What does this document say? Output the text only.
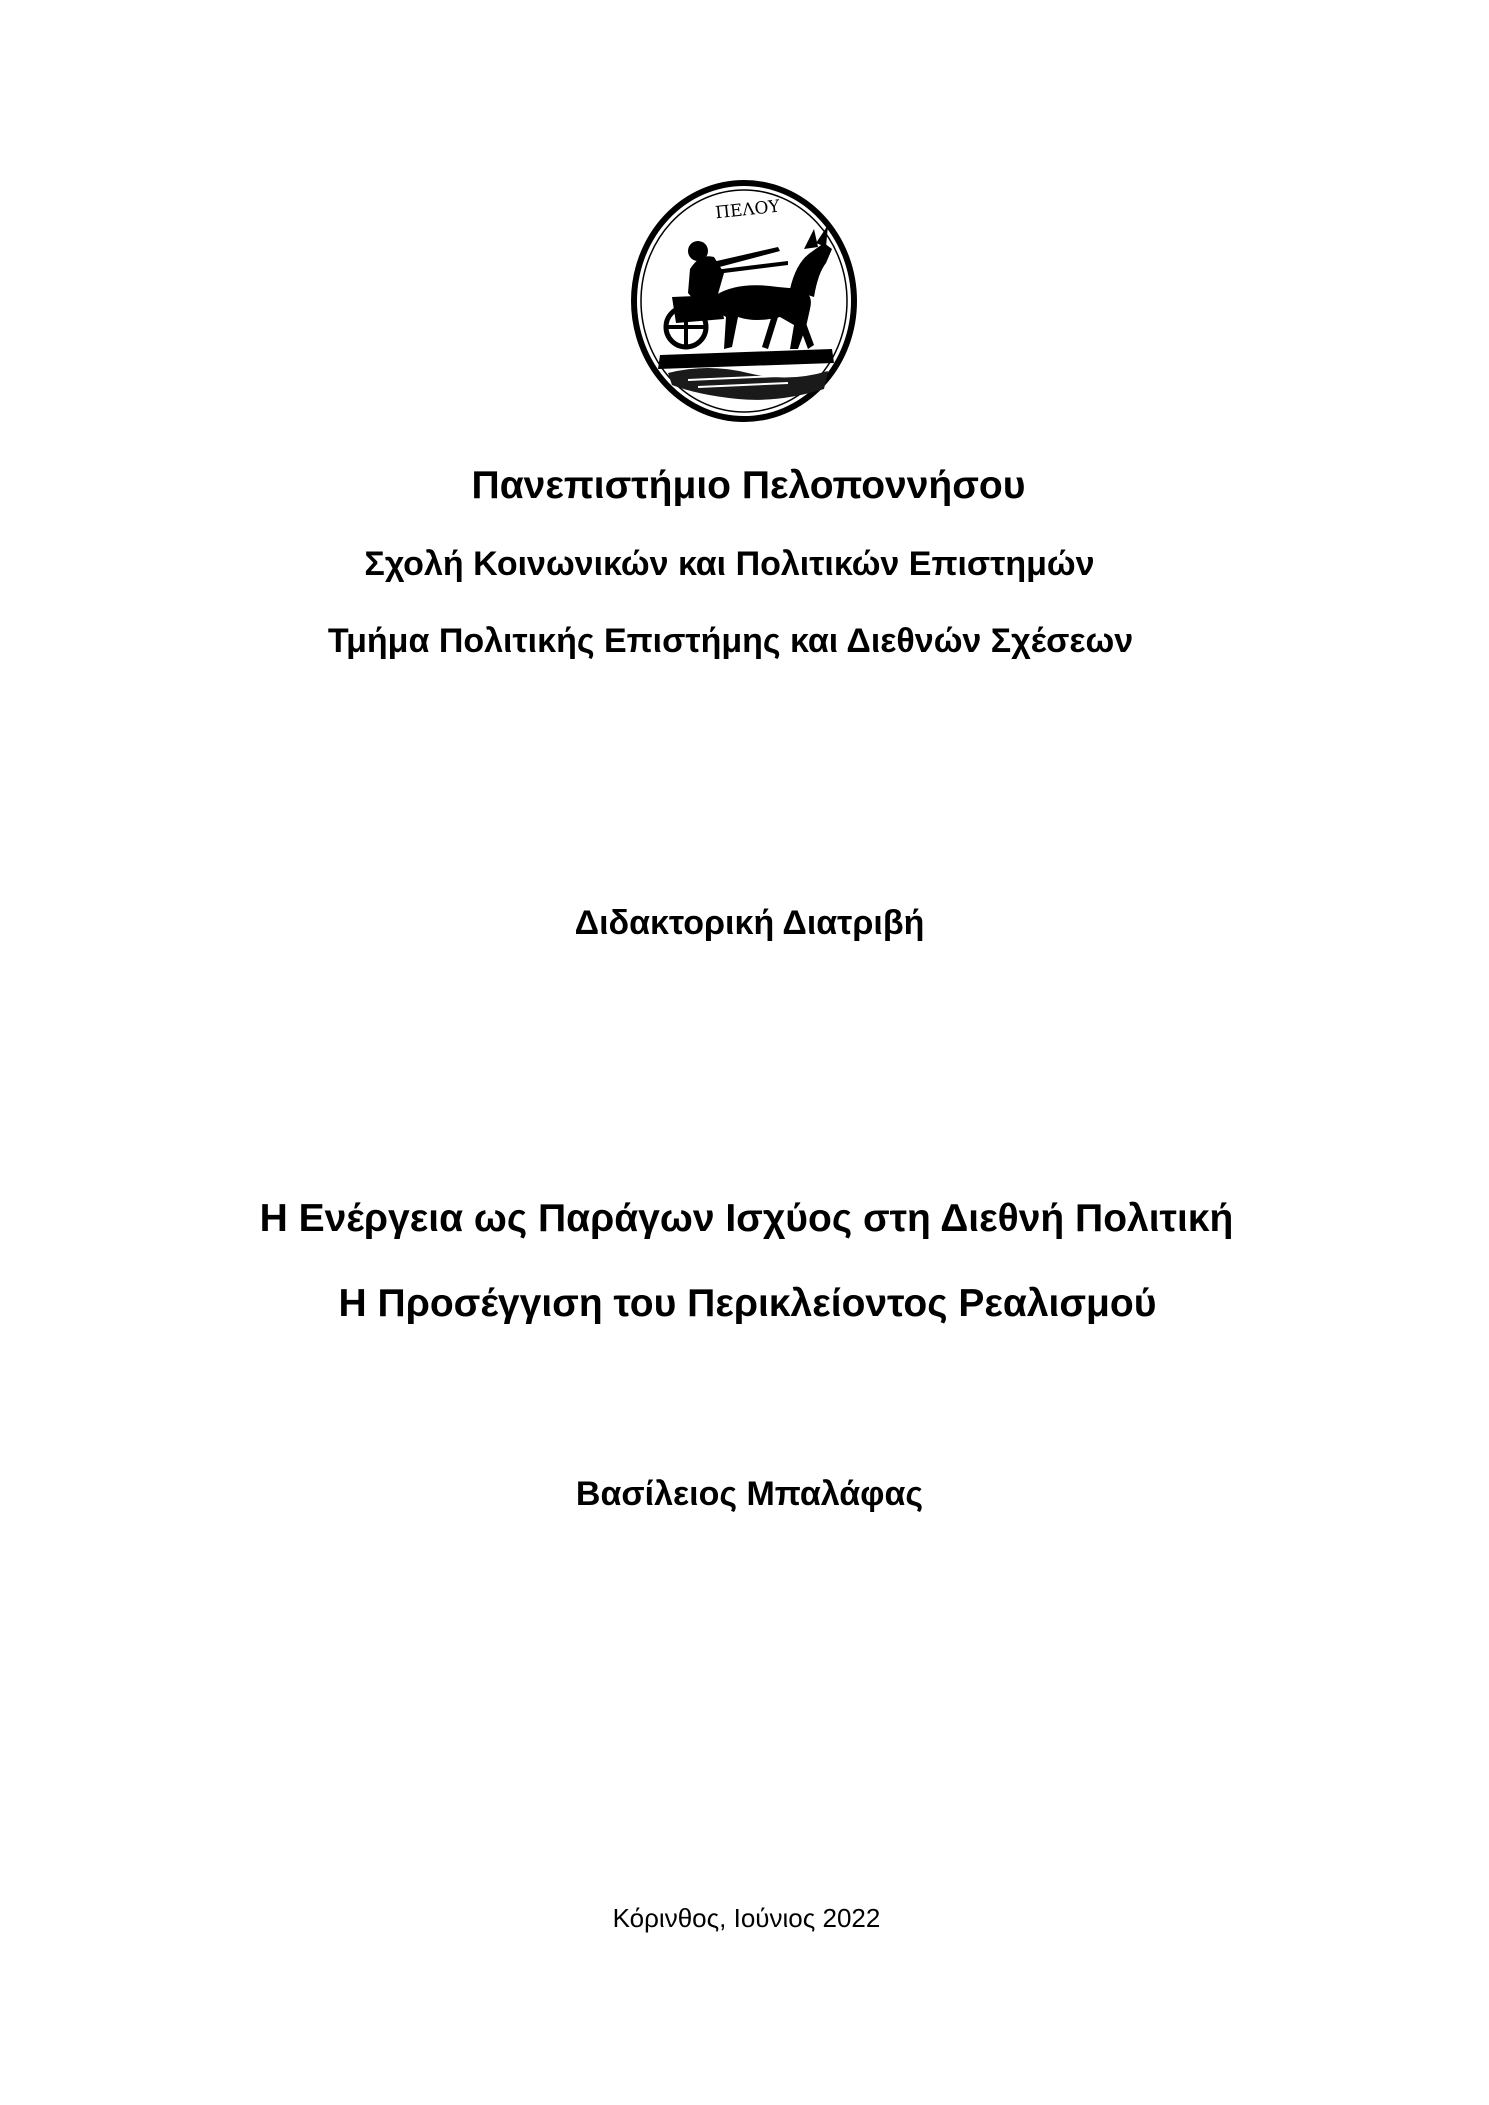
ΠΕΛΟΥ
Πανεπιστήμιο Πελοποννήσου
Σχολή Κοινωνικών και Πολιτικών Επιστημών
Τμήμα Πολιτικής Επιστήμης και Διεθνών Σχέσεων
Διδακτορική Διατριβή
Η Ενέργεια ως Παράγων Ισχύος στη Διεθνή Πολιτική
Η Προσέγγιση του Περικλείοντος Ρεαλισμού
Βασίλειος Μπαλάφας
Κόρινθος, Ιούνιος 2022
